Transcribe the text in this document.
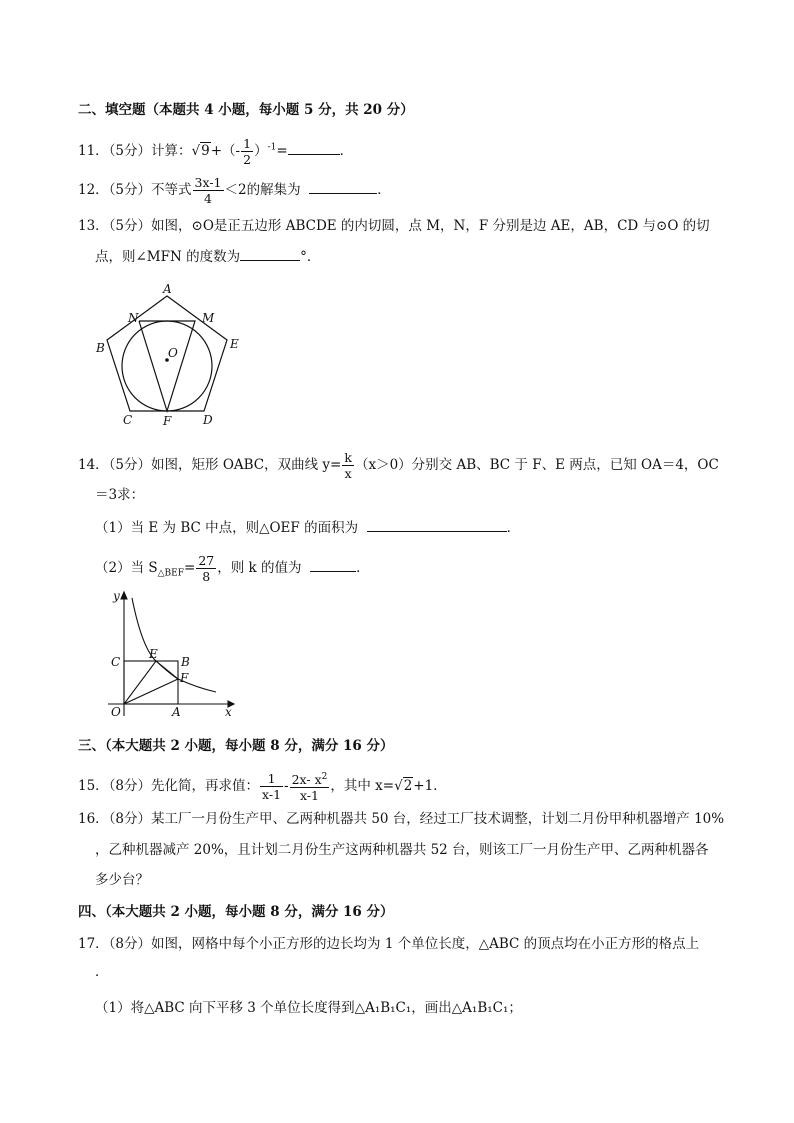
二、填空题（本题共 4 小题，每小题 5 分，共 20 分）
11．（5分）计算：$√9+(- \frac{1}{2} )^{-1}=$	．
12．（5分）不等式 $\frac{3x-1}{4} <2$的解集为	．
13．（5分）如图，⊙O是正五边形 ABCDE 的内切圆，点 M，N，F 分别是边 AE，AB，CD 与⊙O 的切
点，则∠MFN 的度数为	°．
A
N	M
B	O
E
C	F	D
14．（5分）如图，矩形 OABC，双曲线 $y= \frac{k}{x} (x>0)$分别交 AB、BC 于 F、E 两点，已知 OA＝4，OC
＝3求：
（1）当 E 为 BC 中点，则△OEF 的面积为	．
（2）当 $S_{\triangle BEF}= \frac{27}{8}$ ，则 k 的值为	．
y
C
E
B
F
O	A	x
三、（本大题共 2 小题，每小题 8 分，满分 16 分）
15．（8分）先化简，再求值： $\frac{1}{x-1} - \frac{2x- x^2}{x-1}$ ，其中 x=√2+1．
16．（8分）某工厂一月份生产甲、乙两种机器共 50 台，经过工厂技术调整，计划二月份甲种机器增产 10%
，乙种机器减产 20%，且计划二月份生产这两种机器共 52 台，则该工厂一月份生产甲、乙两种机器各
多少台？
四、（本大题共 2 小题，每小题 8 分，满分 16 分）
17．（8分）如图，网格中每个小正方形的边长均为 1 个单位长度，△ABC 的顶点均在小正方形的格点上
．
（1）将△ABC 向下平移 3 个单位长度得到△A₁B₁C₁，画出△A₁B₁C₁；
